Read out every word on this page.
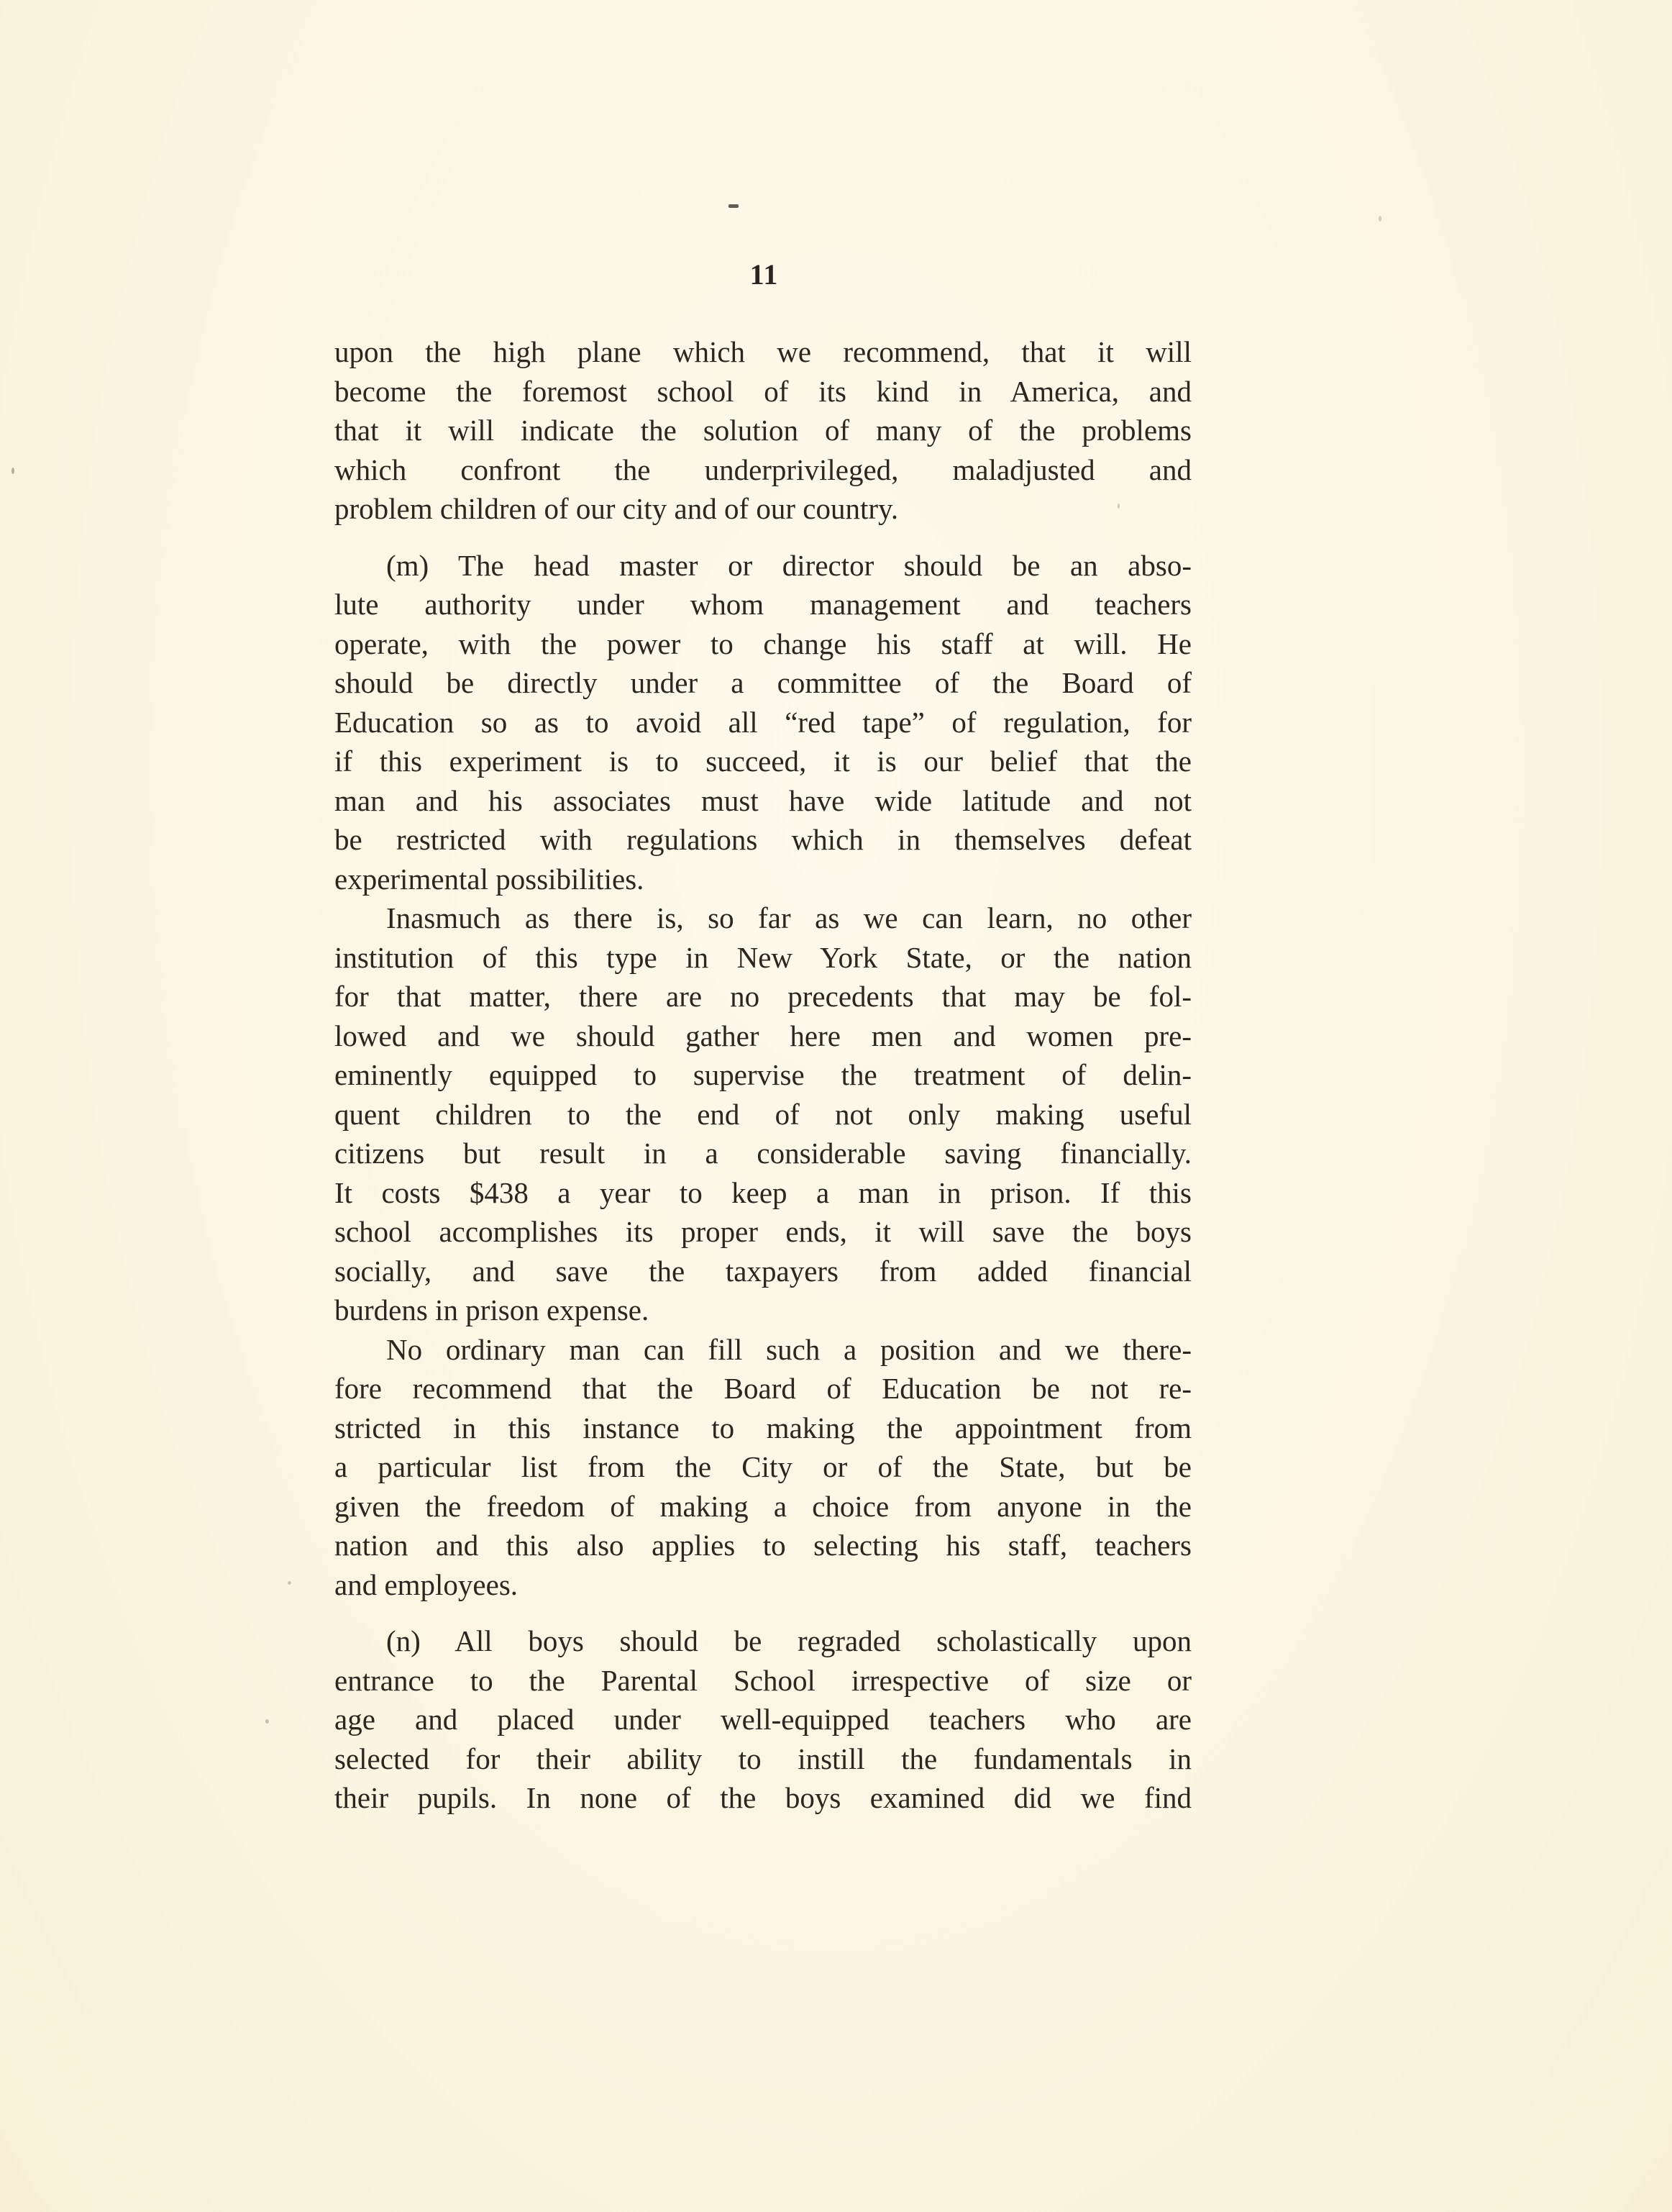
11
upon the high plane which we recommend, that it will
become the foremost school of its kind in America, and
that it will indicate the solution of many of the problems
which confront the underprivileged, maladjusted and
problem children of our city and of our country.
(m) The head master or director should be an abso-
lute authority under whom management and teachers
operate, with the power to change his staff at will. He
should be directly under a committee of the Board of
Education so as to avoid all “red tape” of regulation, for
if this experiment is to succeed, it is our belief that the
man and his associates must have wide latitude and not
be restricted with regulations which in themselves defeat
experimental possibilities.
Inasmuch as there is, so far as we can learn, no other
institution of this type in New York State, or the nation
for that matter, there are no precedents that may be fol-
lowed and we should gather here men and women pre-
eminently equipped to supervise the treatment of delin-
quent children to the end of not only making useful
citizens but result in a considerable saving financially.
It costs $438 a year to keep a man in prison. If this
school accomplishes its proper ends, it will save the boys
socially, and save the taxpayers from added financial
burdens in prison expense.
No ordinary man can fill such a position and we there-
fore recommend that the Board of Education be not re-
stricted in this instance to making the appointment from
a particular list from the City or of the State, but be
given the freedom of making a choice from anyone in the
nation and this also applies to selecting his staff, teachers
and employees.
(n) All boys should be regraded scholastically upon
entrance to the Parental School irrespective of size or
age and placed under well-equipped teachers who are
selected for their ability to instill the fundamentals in
their pupils. In none of the boys examined did we find
